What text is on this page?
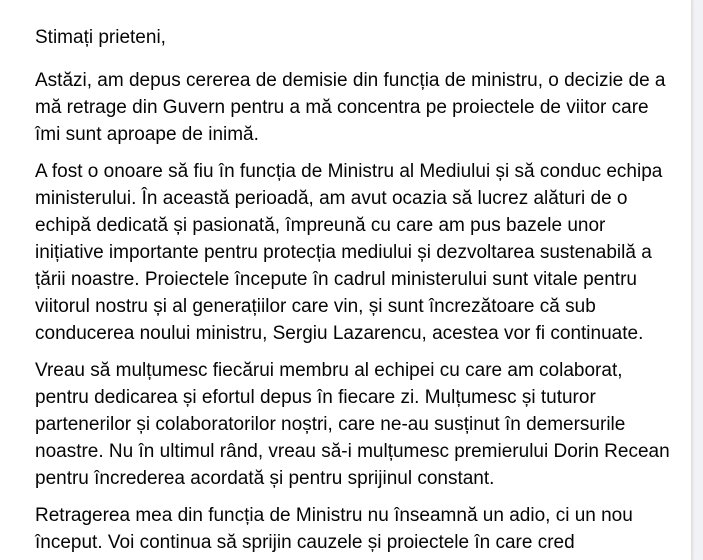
Stimați prieteni,

Astăzi, am depus cererea de demisie din funcția de ministru, o decizie de a mă retrage din Guvern pentru a mă concentra pe proiectele de viitor care îmi sunt aproape de inimă.

A fost o onoare să fiu în funcția de Ministru al Mediului și să conduc echipa ministerului. În această perioadă, am avut ocazia să lucrez alături de o echipă dedicată și pasionată, împreună cu care am pus bazele unor inițiative importante pentru protecția mediului și dezvoltarea sustenabilă a țării noastre. Proiectele începute în cadrul ministerului sunt vitale pentru viitorul nostru și al generațiilor care vin, și sunt încrezătoare că sub conducerea noului ministru, Sergiu Lazarencu, acestea vor fi continuate.

Vreau să mulțumesc fiecărui membru al echipei cu care am colaborat, pentru dedicarea și efortul depus în fiecare zi. Mulțumesc și tuturor partenerilor și colaboratorilor noștri, care ne-au susținut în demersurile noastre. Nu în ultimul rând, vreau să-i mulțumesc premierului Dorin Recean pentru încrederea acordată și pentru sprijinul constant.

Retragerea mea din funcția de Ministru nu înseamnă un adio, ci un nou început. Voi continua să sprijin cauzele și proiectele în care cred
